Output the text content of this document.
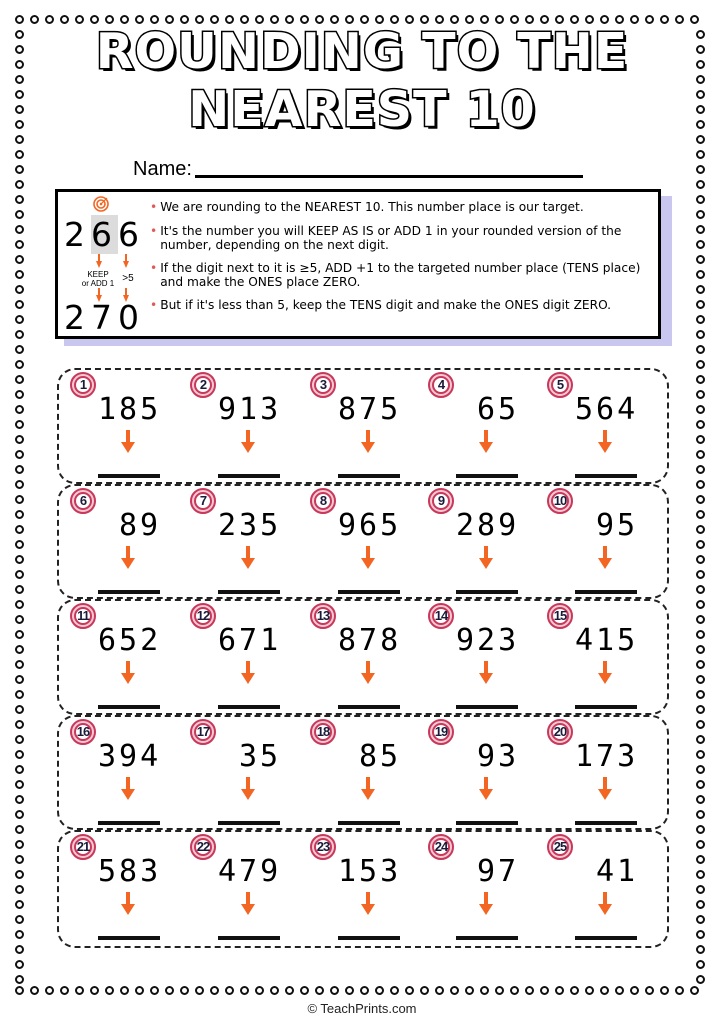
ROUNDING TO THE
NEAREST 10
Name:
266
KEEP
or ADD 1 >5
270
• We are rounding to the NEAREST 10. This number place is our target.
• It's the number you will KEEP AS IS or ADD 1 in your rounded version of the number, depending on the next digit.
• If the digit next to it is ≥5, ADD +1 to the targeted number place (TENS place) and make the ONES place ZERO.
• But if it's less than 5, keep the TENS digit and make the ONES digit ZERO.
1
185
2
913
3
875
4
65
5
564
6
89
7
235
8
965
9
289
10
95
11
652
12
671
13
878
14
923
15
415
16
394
17
35
18
85
19
93
20
173
21
583
22
479
23
153
24
97
25
41
© TeachPrints.com
